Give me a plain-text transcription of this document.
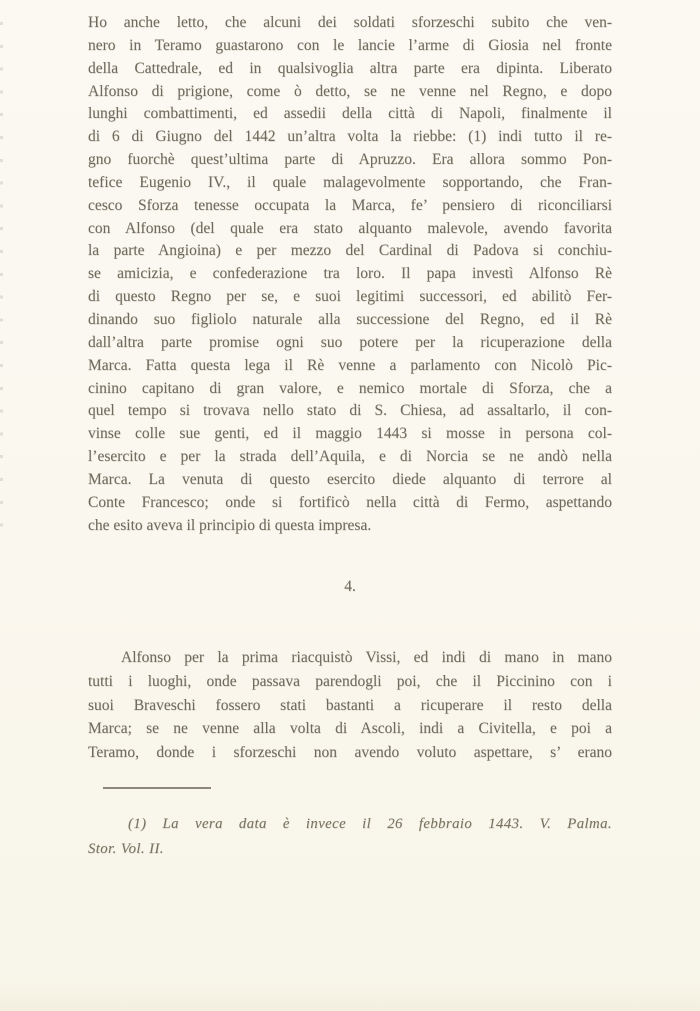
Ho anche letto, che alcuni dei soldati sforzeschi subito che ven-
nero in Teramo guastarono con le lancie l’arme di Giosia nel fronte
della Cattedrale, ed in qualsivoglia altra parte era dipinta. Liberato
Alfonso di prigione, come ò detto, se ne venne nel Regno, e dopo
lunghi combattimenti, ed assedii della città di Napoli, finalmente il
di 6 di Giugno del 1442 un’altra volta la riebbe: (1) indi tutto il re-
gno fuorchè quest’ultima parte di Apruzzo. Era allora sommo Pon-
tefice Eugenio IV., il quale malagevolmente sopportando, che Fran-
cesco Sforza tenesse occupata la Marca, fe’ pensiero di riconciliarsi
con Alfonso (del quale era stato alquanto malevole, avendo favorita
la parte Angioina) e per mezzo del Cardinal di Padova si conchiu-
se amicizia, e confederazione tra loro. Il papa investì Alfonso Rè
di questo Regno per se, e suoi legitimi successori, ed abilitò Fer-
dinando suo figliolo naturale alla successione del Regno, ed il Rè
dall’altra parte promise ogni suo potere per la ricuperazione della
Marca. Fatta questa lega il Rè venne a parlamento con Nicolò Pic-
cinino capitano di gran valore, e nemico mortale di Sforza, che a
quel tempo si trovava nello stato di S. Chiesa, ad assaltarlo, il con-
vinse colle sue genti, ed il maggio 1443 si mosse in persona col-
l’esercito e per la strada dell’Aquila, e di Norcia se ne andò nella
Marca. La venuta di questo esercito diede alquanto di terrore al
Conte Francesco; onde si fortificò nella città di Fermo, aspettando
che esito aveva il principio di questa impresa.
4.
Alfonso per la prima riacquistò Vissi, ed indi di mano in mano
tutti i luoghi, onde passava parendogli poi, che il Piccinino con i
suoi Braveschi fossero stati bastanti a ricuperare il resto della
Marca; se ne venne alla volta di Ascoli, indi a Civitella, e poi a
Teramo, donde i sforzeschi non avendo voluto aspettare, s’ erano
(1) La vera data è invece il 26 febbraio 1443. V. Palma.
Stor. Vol. II.
